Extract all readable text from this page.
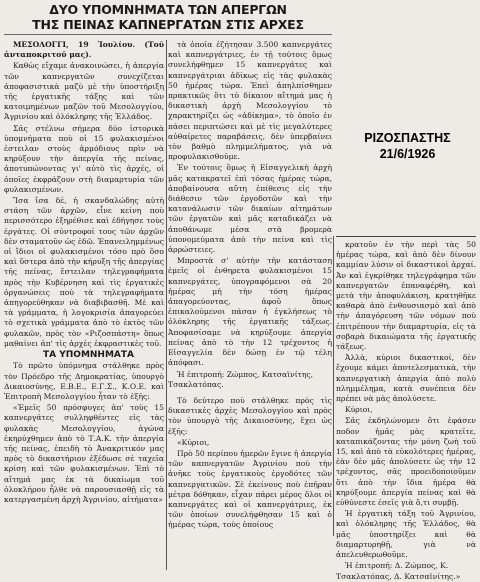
ΔΥΟ ΥΠΟΜΝΗΜΑΤΑ ΤΩΝ ΑΠΕΡΓΩΝ
ΤΗΣ ΠΕΙΝΑΣ ΚΑΠΝΕΡΓΑΤΩΝ ΣΤΙΣ ΑΡΧΕΣ

ΜΕΣΟΛΟΓΓΙ, 19 Ἰουλίου. (Τοῦ ἀνταποκριτοῦ μας).

Καθὼς εἴχαμε ἀνακοινώσει, ἡ ἀπεργία τῶν καπνεργατῶν συνεχίζεται ἀποφασιστικὰ μαζὺ μὲ τὴν ὑποστήριξη τῆς ἐργατικῆς τάξης καὶ τῶν κατοιμημένων μαζῶν τοῦ Μεσολογγίου, Ἀγρινίου καὶ ὁλόκληρης τῆς Ἑλλάδος.

Σᾶς στέλνω σήμερα δύο ἱστορικὰ ὑπομνήματα ποὺ οἱ 15 φυλακισμένοι ἐστειλαν στοὺς ἁρμόδιους πρὶν νὰ κηρύξουν τὴν ἀπεργία τῆς πείνας, ἀποτυπώνοντας γι' αὐτὸ τὶς ἀρχές, οἱ ὁποῖες ἐκφράζουν στὴ διαμαρτυρία τῶν φυλακισμένων.

Ἴσα ἴσα δέ, ἡ σκανδαλώδης αὐτὴ στάση τῶν ἀρχῶν, εἶνε κείνη ποὺ περισσότερο ἐξηρέθισε καὶ ἐδήγησε τοὺς ἐργάτες. Οἱ σύντροφοί τους τῶν ἀρχῶν δὲν σταματοῦν ὡς ἐδῶ. Ἐπανειλημμένως οἱ ἴδιοι οἱ φυλακισμένοι τόσο πρὸ ὅσο καὶ ὕστερα ἀπὸ τὴν κήρυξη τῆς ἀπεργίας τῆς πείνας, ἔστειλαν τηλεγραφήματα πρὸς τὴν Κυβέρνηση καὶ τὶς ἐργατικὲς ὀργανώσεις ποὺ τὰ τηλεγραφήματα ἀπηγορεύθηκαν νὰ διαβιβασθῆ. Μὲ καὶ τὰ γράμματα, ἡ λογοκρισία ἀπαγορεύει τὸ σχετικὰ γράμματα ἀπὸ τὸ ἐκτὸς τῶν φυλακῶν, πρὸς τὸν «Ριζοσπάστη» ὅπως μαθαίνει ἀπ' τὶς ἀρχὲς ἐκφραστικὲς τοῦ.

ΤΑ ΥΠΟΜΝΗΜΑΤΑ

Τὸ πρῶτο ὑπόμνημα στάλθηκε πρὸς τὸν Πρόεδρο τῆς Δημοκρατίας, ὑπουργὸ Δικαιοσύνης, Ε.Β.Ε., Ε.Γ.Σ., Κ.Ο.Ε. καὶ Ἐπιτροπὴ Μεσολογγίου ἦταν τὸ ἑξῆς:

«Ἐμεῖς 50 πρόσφυγες ἀπ' τοὺς 15 καπνεργάτες συλληφθέντες εἰς τὰς φυλακὰς Μεσολογγίου, ἀγώνα ἐκηρύχθημεν ἀπὸ τὸ Τ.Α.Κ. τὴν ἀπεργία τῆς πείνας, ἐπειδὴ τὸ Ἀνακριτικόν μας πρὸς τὸ δικαστήριον ἐξέδωσε σὲ ταχεῖα κρίση καὶ τῶν φυλακισμένων. Ἐπὶ τὸ αἴτημά μας ἐκ τὰ δικαίωμα τοῦ ὁλοκλήρου ἦλθε νὰ παρουσιασθῇ εἰς τὰ κατεργασμένη ἀρχὴ Ἀγρινίου, αἰτήματα»

τὰ ὁποῖα ἐζήτησαν 3.500 καπνεργάτες καὶ καπνεργάτριες, ἐν τῇ τούτοις ὅμως συνελήφθημεν 15 καπνεργάτες καὶ καπνεργάτριαι ἀδίκως εἰς τὰς φυλακὰς 50 ἡμέρας τώρα. Ἐπεὶ ἀπηλπίσθημεν πρακτικῶς ὅτι τὸ δίκαιον αἴτημά μας ἡ δικαστικὴ ἀρχὴ Μεσολογγίου τὸ χαρακτηρίζει ὡς «ἀδίκημα», τὸ ὁποῖο ἐν πάσει περιπτώσει καὶ μὲ τὶς μεγαλύτερες αὐθαίρετες παραβάσεις, δὲν ὑπερβαίνει τὸν βαθμὸ πλημμελήματος, γιὰ νὰ προφυλακισθοῦμε.

Ἐν τούτοις ὅμως ἡ Εἰσαγγελικὴ ἀρχὴ μᾶς κατακρατεῖ ἐπὶ τόσας ἡμέρας τώρα, ἀποβαίνουσα αὕτη ἐπίθεσις εἰς τὴν διάθεσιν τῶν ἐργοδοτῶν καὶ τὴν κατανάλωσιν τῶν δικαίων αἰτημάτων τῶν ἐργατῶν καὶ μᾶς καταδικάζει νὰ ἀποθάνωμε μέσα στὰ βρομερὰ ὑπονομεύματα ἀπὸ τὴν πείνα καὶ τὶς ἀρρώστειες.

Μπροστὰ σ' αὐτὴν τὴν κατάσταση ἐμεῖς οἱ ἐνθηρετα φυλακισμένοι 15 καπνεργάτες, ὑπογραφόμενοι σὰ 20 ἡμέρας μὴ τὴν τόση ἡμέρας ἀπαγορεύοντας, ἀφοῦ ὅπως ἐπικαλούμενοι πάσαν ἡ ἐγκλήσεως τὸ ὁλόκληρης τῆς ἐργατικῆς τάξεως. Ἀποφασίσαμε νὰ κηρύξουμε ἀπεργία πείνας ἀπὸ τὸ τὴν 12 τρέχοντος ἡ Εἰσαγγελία δὲν δώσῃ ἐν τῷ τέλη ἀπόφασι.

Ἡ ἐπιτροπή: Ζώμπος, Κατσαϊνίτης, Τσακλατόπας.

Τὸ δεύτερο ποὺ στάλθηκε πρὸς τὶς δικαστικὲς ἀρχὲς Μεσολογγίου καὶ πρὸς τὸν ὑπουργὸ τῆς Δικαιοσύνης, ἔχει ὡς ἑξῆς:

«Κύριοι,

Πρὸ 50 περίπου ἡμερῶν ἔγινε ἡ ἀπεργία τῶν καπνεργατῶν Ἀγρινίου ποὺ τὴν ἀνῆκε τοὺς ἐργατικοὺς ἐργοδότες τῶν καπνεργατικῶν. Σὲ ἐκείνους ποὺ ἐπῆραν μέτρα δόθηκαν, εἶχαν πάρει μέρος ὅλοι οἱ καπνεργάτες καὶ οἱ καπνεργάτριες, ἐκ τῶν ὁποίων συνελήφθησαν 15 καὶ ὁ ἡμέρας τώρα, τοὺς ὁποίους

ΡΙΖΟΣΠΑΣΤΗΣ
21/6/1926

κρατοῦν ἐν τὴν περὶ τὰς 50 ἡμέρας τώρα, καὶ ἀπὸ δὲν δίνουν καμμίαν λύσιν οἱ δικαστικοὶ ἀρχαί. Ἀν καὶ ἐγκρίθηκε τηλεγράφημα τῶν καπνεργατῶν ἐπαναφέρθη, καὶ μετὰ τὴν ἀποφυλάκιση, κρατηθῆκε καθαρὰ ἀπὸ ἐνθουσιασμὸ καὶ ἀπὸ τὴν ἀπαγόρευση τῶν νόμων ποὺ ἐπιτρέπουν τὴν διαμαρτυρία, εἰς τὰ σοβαρὰ δικαιώματα τῆς ἐργατικῆς τάξεως.

Ἀλλὰ, κύριοι δικαστικοί, δὲν ἔχουμε κάμει ἀποτελεσματικὰ, τὴν καπνεργατικὴ ἀπεργία ἀπὸ πολὺ πλημμέλημα, κατὰ συνέπεια δὲν πρέπει νὰ μὰς ἀπολύσετε.

Κύριοι,

Σᾶς ἐκδηλώνομεν ὅτι ἐφάσεν ποδον ἡμᾶς μὰς κρατεῖτε, καταπικάζοντας τὴν μόνη ζωὴ τοῦ 15, καὶ ἀπὸ τὰ εὐκολότερες ἡμέρας, ἐὰν δὲν μᾶς ἀπολύσετε ὡς τὴν 12 τρέχοντος, σᾶς προειδοποιοῦμεν ὅτι ἀπὸ τὴν ἴδια ἡμέρα θὰ κηρύξουμε ἀπεργία πείνας καὶ θὰ εὐθύνεστε ἐσεῖς γιὰ ὅ,τι συμβῇ.

Ἡ ἐργατικὴ τάξη τοῦ Ἀγρινίου, καὶ ὁλόκληρης τῆς Ἑλλάδος, θὰ μᾶς ὑποστηρίξει καὶ θὰ διαμαρτυρηθῇ, γιὰ νὰ ἀπελευθερωθοῦμε.

Ἡ ἐπιτροπή: Δ. Ζώμπος, Κ. Τσακλατόπας, Δ. Κατσαϊνίτης.»
